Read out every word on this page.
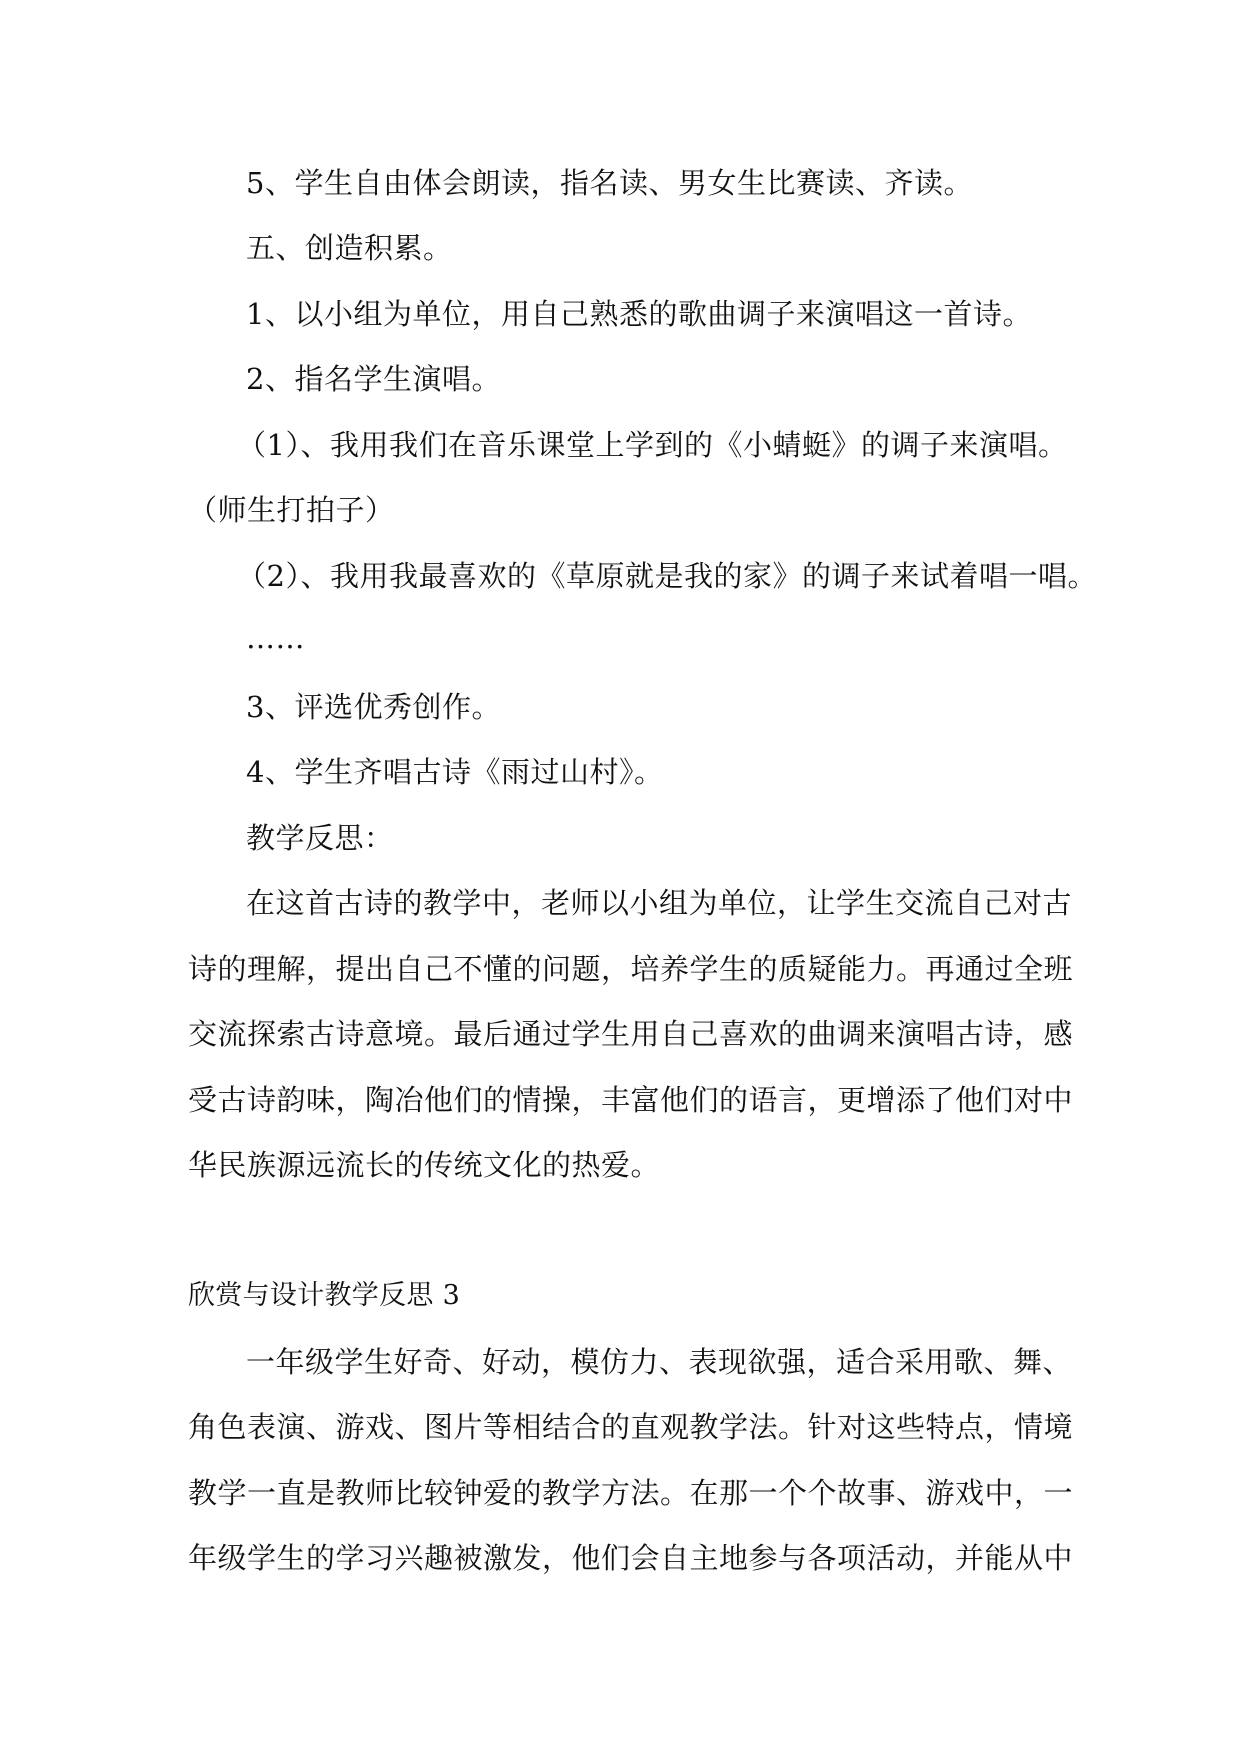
5、学生自由体会朗读，指名读、男女生比赛读、齐读。
五、创造积累。
1、以小组为单位，用自己熟悉的歌曲调子来演唱这一首诗。
2、指名学生演唱。
（1）、我用我们在音乐课堂上学到的《小蜻蜓》的调子来演唱。
（师生打拍子）
（2）、我用我最喜欢的《草原就是我的家》的调子来试着唱一唱。
……
3、评选优秀创作。
4、学生齐唱古诗《雨过山村》。
教学反思：
在这首古诗的教学中，老师以小组为单位，让学生交流自己对古
诗的理解，提出自己不懂的问题，培养学生的质疑能力。再通过全班
交流探索古诗意境。最后通过学生用自己喜欢的曲调来演唱古诗，感
受古诗韵味，陶冶他们的情操，丰富他们的语言，更增添了他们对中
华民族源远流长的传统文化的热爱。
欣赏与设计教学反思 3
一年级学生好奇、好动，模仿力、表现欲强，适合采用歌、舞、
角色表演、游戏、图片等相结合的直观教学法。针对这些特点，情境
教学一直是教师比较钟爱的教学方法。在那一个个故事、游戏中，一
年级学生的学习兴趣被激发，他们会自主地参与各项活动，并能从中
